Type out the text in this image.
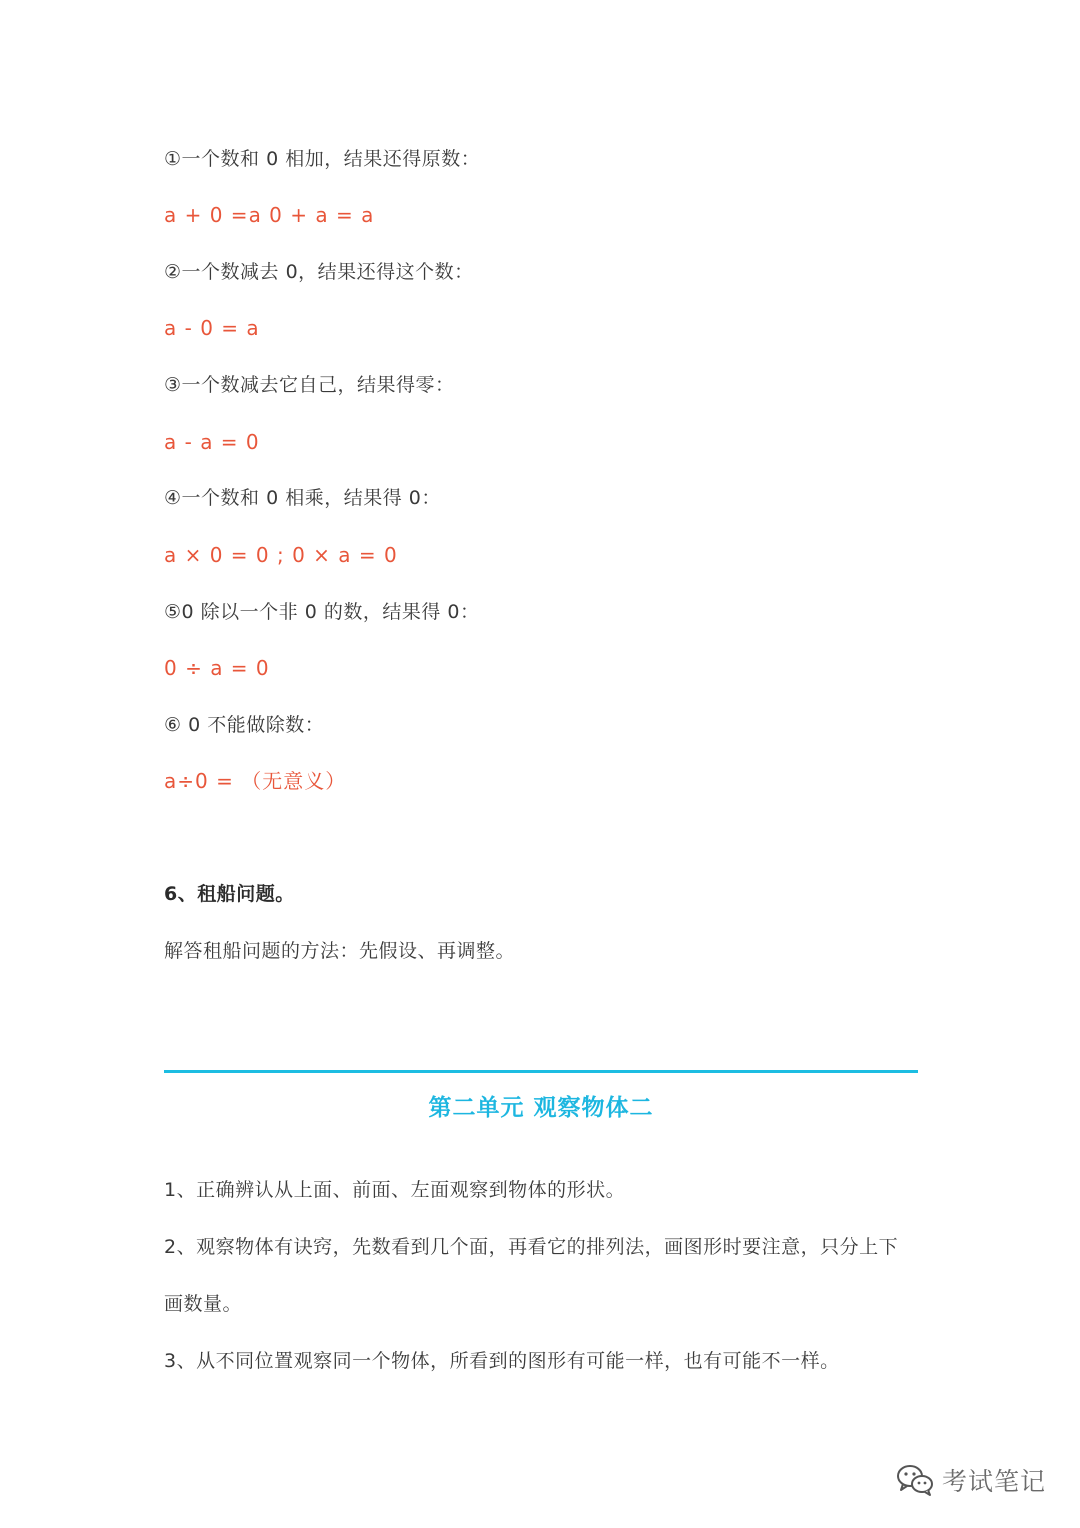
①一个数和 0 相加，结果还得原数：
a + 0 =a 0 + a = a
②一个数减去 0，结果还得这个数：
a - 0 = a
③一个数减去它自己，结果得零：
a - a = 0
④一个数和 0 相乘，结果得 0：
a × 0 = 0 ; 0 × a = 0
⑤0 除以一个非 0 的数，结果得 0：
0 ÷ a = 0
⑥ 0 不能做除数：
a÷0 = （无意义）
6、租船问题。
解答租船问题的方法：先假设、再调整。
第二单元 观察物体二
1、正确辨认从上面、前面、左面观察到物体的形状。
2、观察物体有诀窍，先数看到几个面，再看它的排列法，画图形时要注意，只分上下
画数量。
3、从不同位置观察同一个物体，所看到的图形有可能一样，也有可能不一样。
考试笔记
